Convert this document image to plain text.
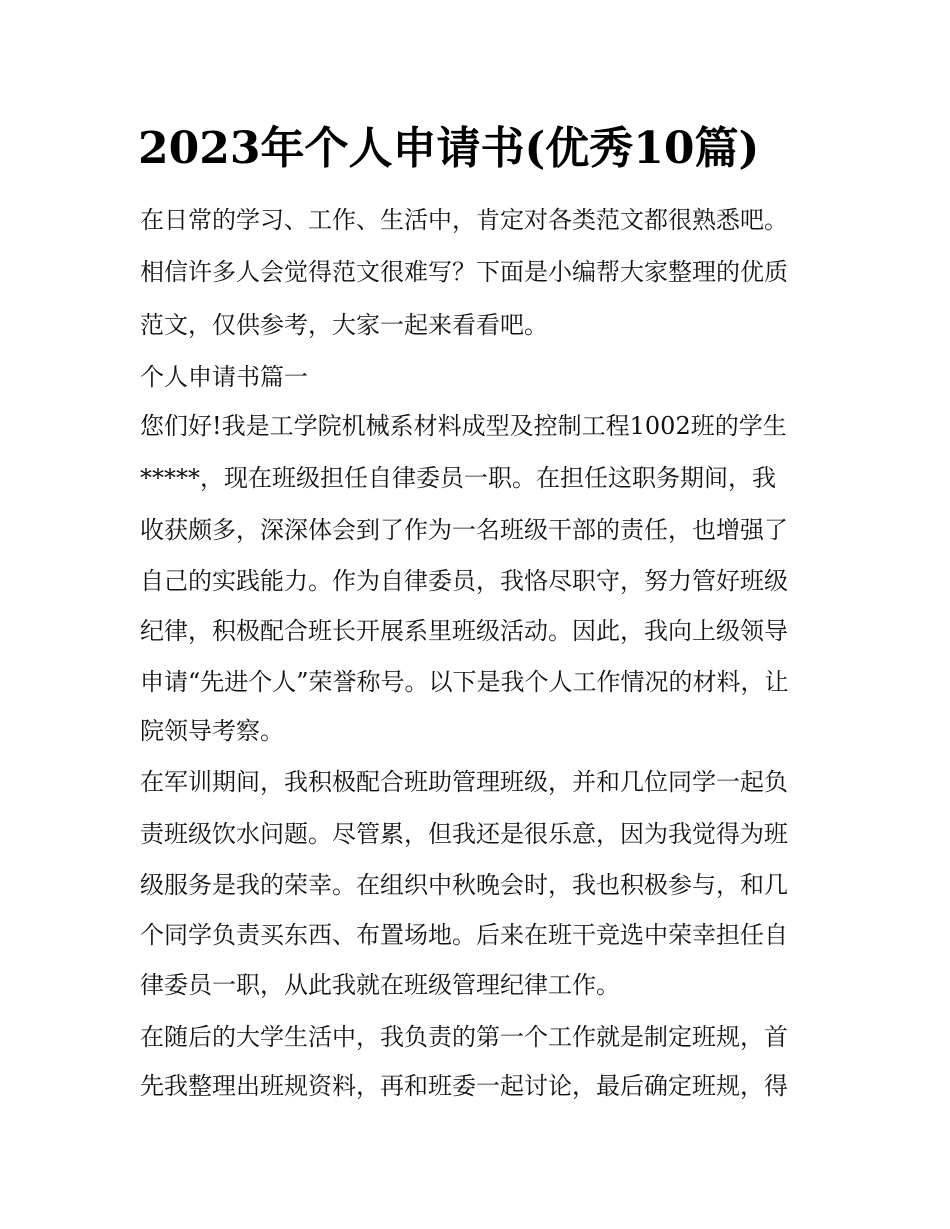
2023年个人申请书(优秀10篇)
在日常的学习、工作、生活中，肯定对各类范文都很熟悉吧。
相信许多人会觉得范文很难写？下面是小编帮大家整理的优质
范文，仅供参考，大家一起来看看吧。
个人申请书篇一
您们好!我是工学院机械系材料成型及控制工程1002班的学生
*****，现在班级担任自律委员一职。在担任这职务期间，我
收获颇多，深深体会到了作为一名班级干部的责任，也增强了
自己的实践能力。作为自律委员，我恪尽职守，努力管好班级
纪律，积极配合班长开展系里班级活动。因此，我向上级领导
申请“先进个人”荣誉称号。以下是我个人工作情况的材料，让
院领导考察。
在军训期间，我积极配合班助管理班级，并和几位同学一起负
责班级饮水问题。尽管累，但我还是很乐意，因为我觉得为班
级服务是我的荣幸。在组织中秋晚会时，我也积极参与，和几
个同学负责买东西、布置场地。后来在班干竞选中荣幸担任自
律委员一职，从此我就在班级管理纪律工作。
在随后的大学生活中，我负责的第一个工作就是制定班规，首
先我整理出班规资料，再和班委一起讨论，最后确定班规，得
